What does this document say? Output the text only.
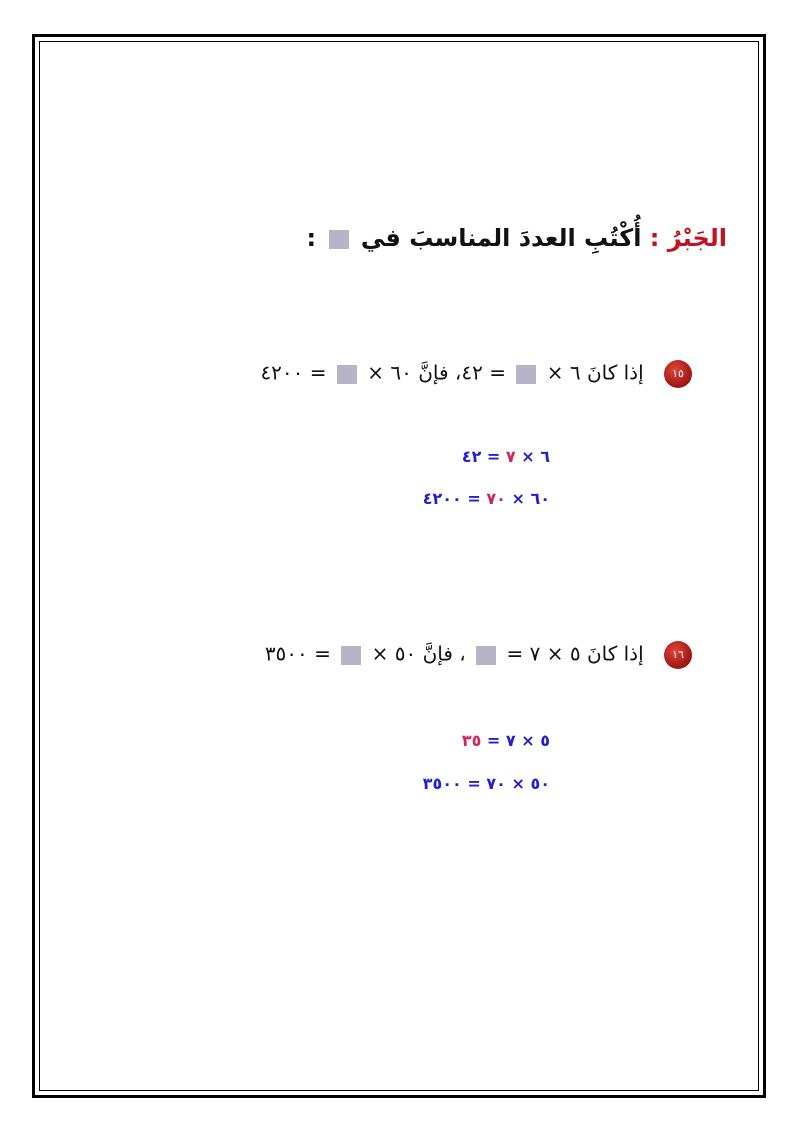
الجَبْرُ : أُكْتُبِ العددَ المناسبَ في  :
١٥ إذا كانَ ٦ ×  = ٤٢، فإنَّ ٦٠ ×  = ٤٢٠٠
٦ × ٧ = ٤٢
٦٠ × ٧٠ = ٤٢٠٠
١٦ إذا كانَ ٥ × ٧ =  ، فإنَّ ٥٠ ×  = ٣٥٠٠
٥ × ٧ = ٣٥
٥٠ × ٧٠ = ٣٥٠٠
